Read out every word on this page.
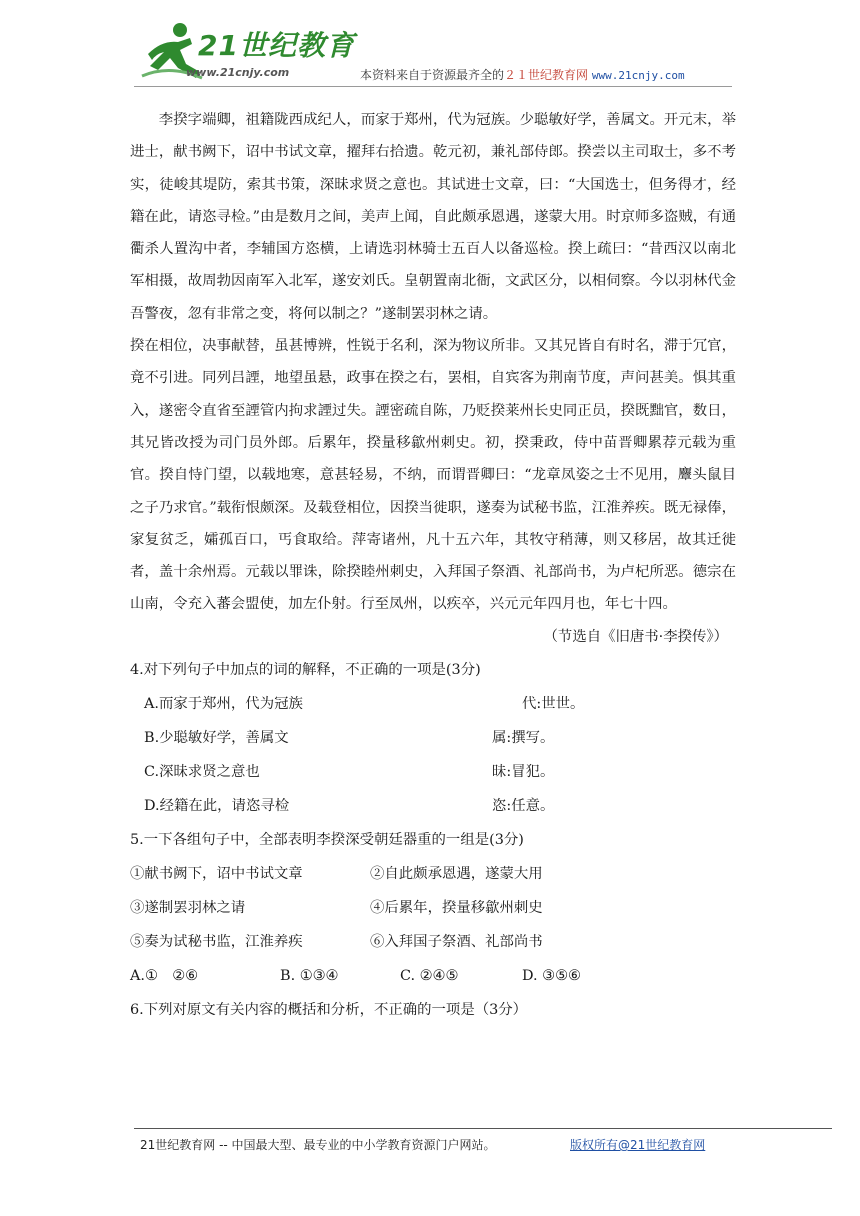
21世纪教育
www.21cnjy.com	本资料来自于资源最齐全的２１世纪教育网 www.21cnjy.com

李揆字端卿，祖籍陇西成纪人，而家于郑州，代为冠族。少聪敏好学，善属文。开元末，举进士，献书阙下，诏中书试文章，擢拜右拾遗。乾元初，兼礼部侍郎。揆尝以主司取士，多不考实，徒峻其堤防，索其书策，深昧求贤之意也。其试进士文章，曰：“大国选士，但务得才，经籍在此，请恣寻检。”由是数月之间，美声上闻，自此颇承恩遇，遂蒙大用。时京师多盗贼，有通衢杀人置沟中者，李辅国方恣横，上请选羽林骑士五百人以备巡检。揆上疏曰：“昔西汉以南北军相摄，故周勃因南军入北军，遂安刘氏。皇朝置南北衙，文武区分，以相伺察。今以羽林代金吾警夜，忽有非常之变，将何以制之？”遂制罢羽林之请。

揆在相位，决事献替，虽甚博辨，性锐于名利，深为物议所非。又其兄皆自有时名，滞于冗官，竟不引进。同列吕諲，地望虽悬，政事在揆之右，罢相，自宾客为荆南节度，声问甚美。惧其重入，遂密令直省至諲管内拘求諲过失。諲密疏自陈，乃贬揆莱州长史同正员，揆既黜官，数日，其兄皆改授为司门员外郎。后累年，揆量移歙州刺史。初，揆秉政，侍中苗晋卿累荐元载为重官。揆自恃门望，以载地寒，意甚轻易，不纳，而谓晋卿曰：“龙章凤姿之士不见用，麞头鼠目之子乃求官。”载衔恨颇深。及载登相位，因揆当徙职，遂奏为试秘书监，江淮养疾。既无禄俸，家复贫乏，孀孤百口，丐食取给。萍寄诸州，凡十五六年，其牧守稍薄，则又移居，故其迁徙者，盖十余州焉。元载以罪诛，除揆睦州刺史，入拜国子祭酒、礼部尚书，为卢杞所恶。德宗在山南，令充入蕃会盟使，加左仆射。行至凤州，以疾卒，兴元元年四月也，年七十四。

（节选自《旧唐书·李揆传》）

4.对下列句子中加点的词的解释，不正确的一项是(3分)

A.而家于郑州，代为冠族	代:世世。
B.少聪敏好学，善属文	属:撰写。
C.深昧求贤之意也	昧:冒犯。
D.经籍在此，请恣寻检	恣:任意。

5.一下各组句子中，全部表明李揆深受朝廷器重的一组是(3分)

①献书阙下，诏中书试文章	②自此颇承恩遇，遂蒙大用
③遂制罢羽林之请	④后累年，揆量移歙州刺史
⑤奏为试秘书监，江淮养疾	⑥入拜国子祭酒、礼部尚书
A.①　②⑥	B. ①③④	C. ②④⑤	D. ③⑤⑥

6.下列对原文有关内容的概括和分析，不正确的一项是（3分）

21世纪教育网 -- 中国最大型、最专业的中小学教育资源门户网站。	版权所有@21世纪教育网
